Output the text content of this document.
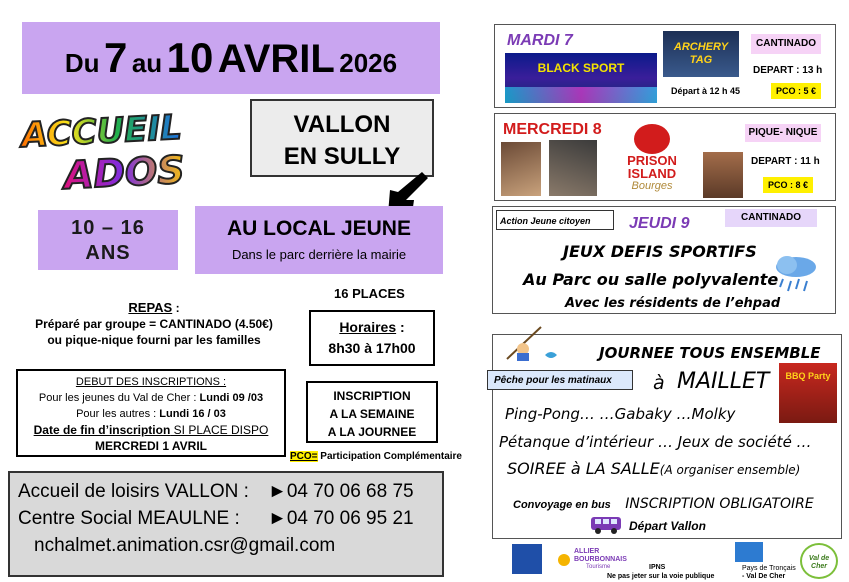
Du 7 au 10 AVRIL 2026
ACCUEIL
ADOS
VALLON
EN SULLY
10 – 16
ANS
AU LOCAL JEUNE
Dans le parc derrière la mairie
16 PLACES
REPAS :
Préparé par groupe = CANTINADO (4.50€)
ou pique-nique fourni par les familles
Horaires :
8h30 à 17h00
DEBUT DES INSCRIPTIONS :
Pour les jeunes du Val de Cher : Lundi 09 /03
Pour les autres : Lundi 16 / 03
Date de fin d’inscription SI PLACE DISPO
MERCREDI 1 AVRIL
INSCRIPTION
A LA SEMAINE
A LA JOURNEE
PCO= Participation Complémentaire
Accueil de loisirs VALLON : ►04 70 06 68 75
Centre Social MEAULNE : ►04 70 06 95 21
nchalmet.animation.csr@gmail.com
MARDI 7
BLACK SPORT
ARCHERY TAG
Départ à 12 h 45
CANTINADO
DEPART : 13 h
PCO : 5 €
MERCREDI 8
PRISON
ISLAND
Bourges
PIQUE- NIQUE
DEPART : 11 h
PCO : 8 €
Action Jeune citoyen	JEUDI 9	CANTINADO
JEUX DEFIS SPORTIFS
Au Parc ou salle polyvalente
Avec les résidents de l’ehpad
JOURNEE TOUS ENSEMBLE
Pêche pour les matinaux	à MAILLET	BBQ Party
Ping-Pong… …Gabaky …Molky
Pétanque d’intérieur … Jeux de société …
SOIREE à LA SALLE(A organiser ensemble)
Convoyage en bus INSCRIPTION OBLIGATOIRE
Départ Vallon
ALLIER
BOURBONNAIS
Tourisme	IPNS
Ne pas jeter sur la voie publique
Pays de Tronçais
- Val De Cher
Val de Cher
